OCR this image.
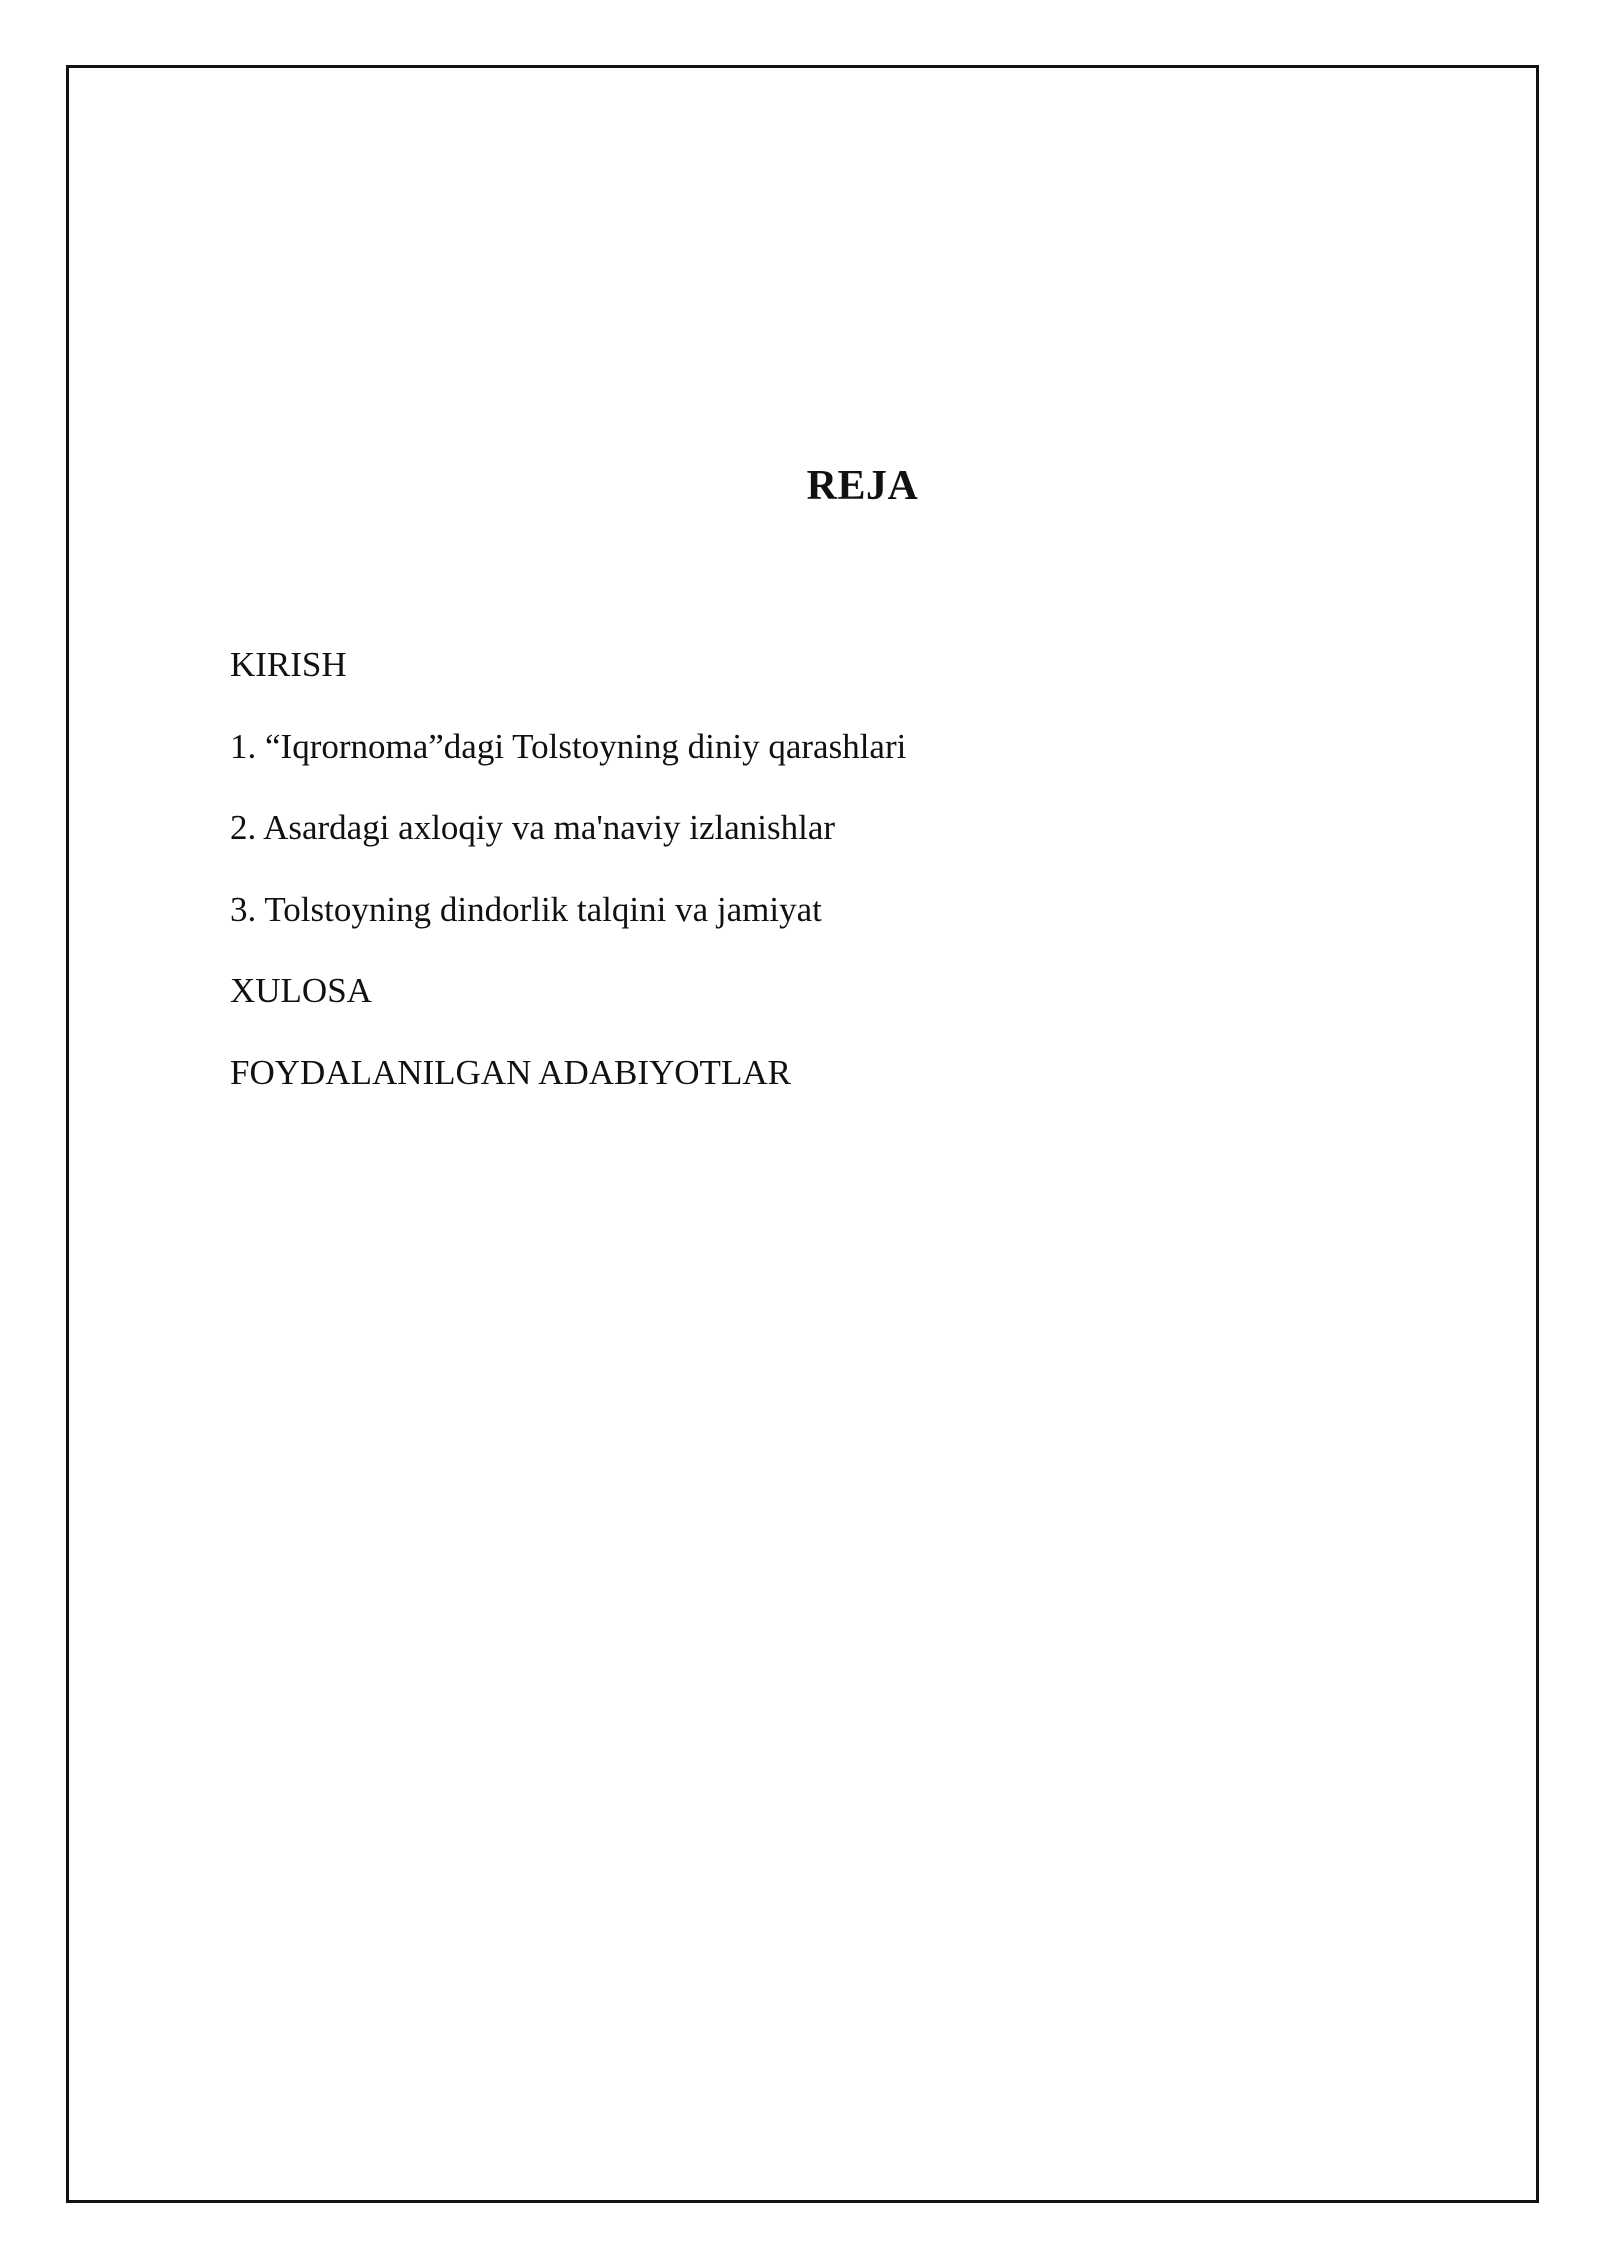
REJA
KIRISH
1. “Iqrornoma”dagi Tolstoyning diniy qarashlari
2. Asardagi axloqiy va ma'naviy izlanishlar
3. Tolstoyning dindorlik talqini va jamiyat
XULOSA
FOYDALANILGAN ADABIYOTLAR
